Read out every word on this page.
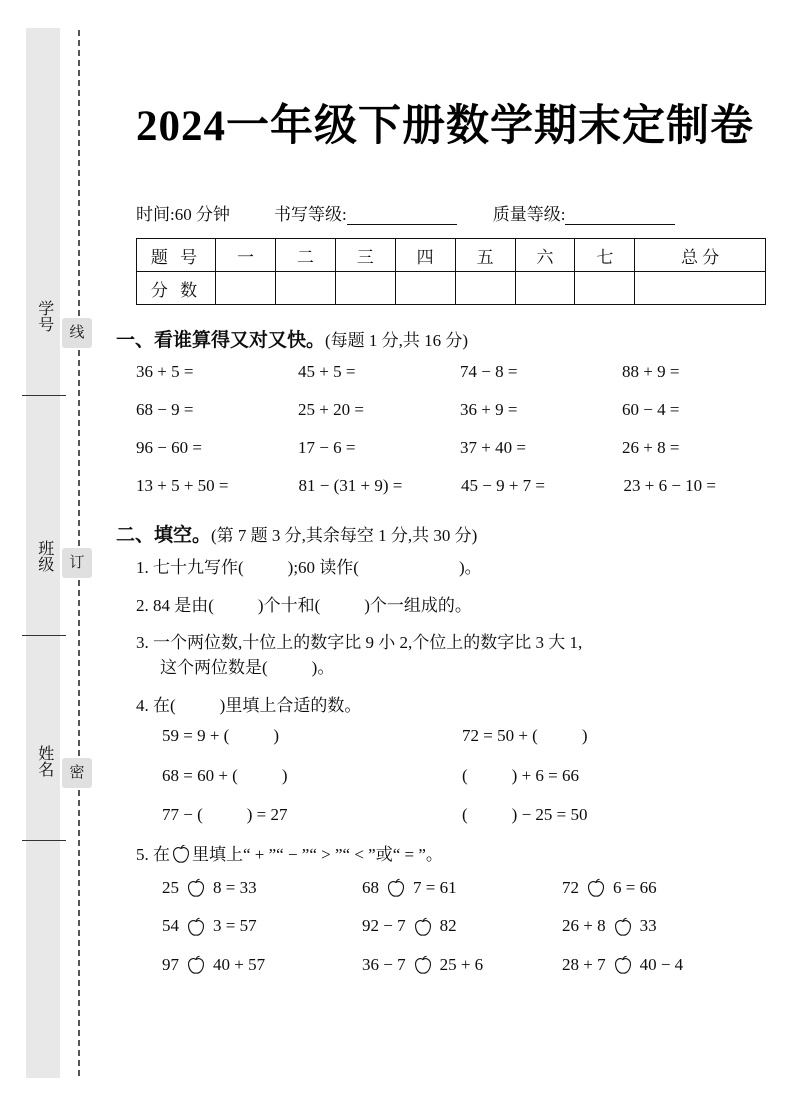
学号
班级
姓名
线
订
密
2024一年级下册数学期末定制卷
时间:60 分钟	书写等级:	质量等级:
题 号	一	二	三	四	五	六	七	总 分
分 数								
一、看谁算得又对又快。(每题 1 分,共 16 分)
36 + 5 =	45 + 5 =	74 − 8 =	88 + 9 =
68 − 9 =	25 + 20 =	36 + 9 =	60 − 4 =
96 − 60 =	17 − 6 =	37 + 40 =	26 + 8 =
13 + 5 + 50 =	81 − (31 + 9) =	45 − 9 + 7 =	23 + 6 − 10 =
二、填空。(第 7 题 3 分,其余每空 1 分,共 30 分)
1. 七十九写作(	);60 读作(	)。
2. 84 是由(	)个十和(	)个一组成的。
3. 一个两位数,十位上的数字比 9 小 2,个位上的数字比 3 大 1,
这个两位数是(	)。
4. 在(	)里填上合适的数。
59 = 9 + (	)	72 = 50 + (	)
68 = 60 + (	)	(	) + 6 = 66
77 − (	) = 27	(	) − 25 = 50
5. 在 里填上“ + ”“ − ”“ > ”“ < ”或“ = ”。
25 8 = 33	68 7 = 61	72 6 = 66
54 3 = 57	92 − 7 82	26 + 8 33
97 40 + 57	36 − 7 25 + 6	28 + 7 40 − 4
